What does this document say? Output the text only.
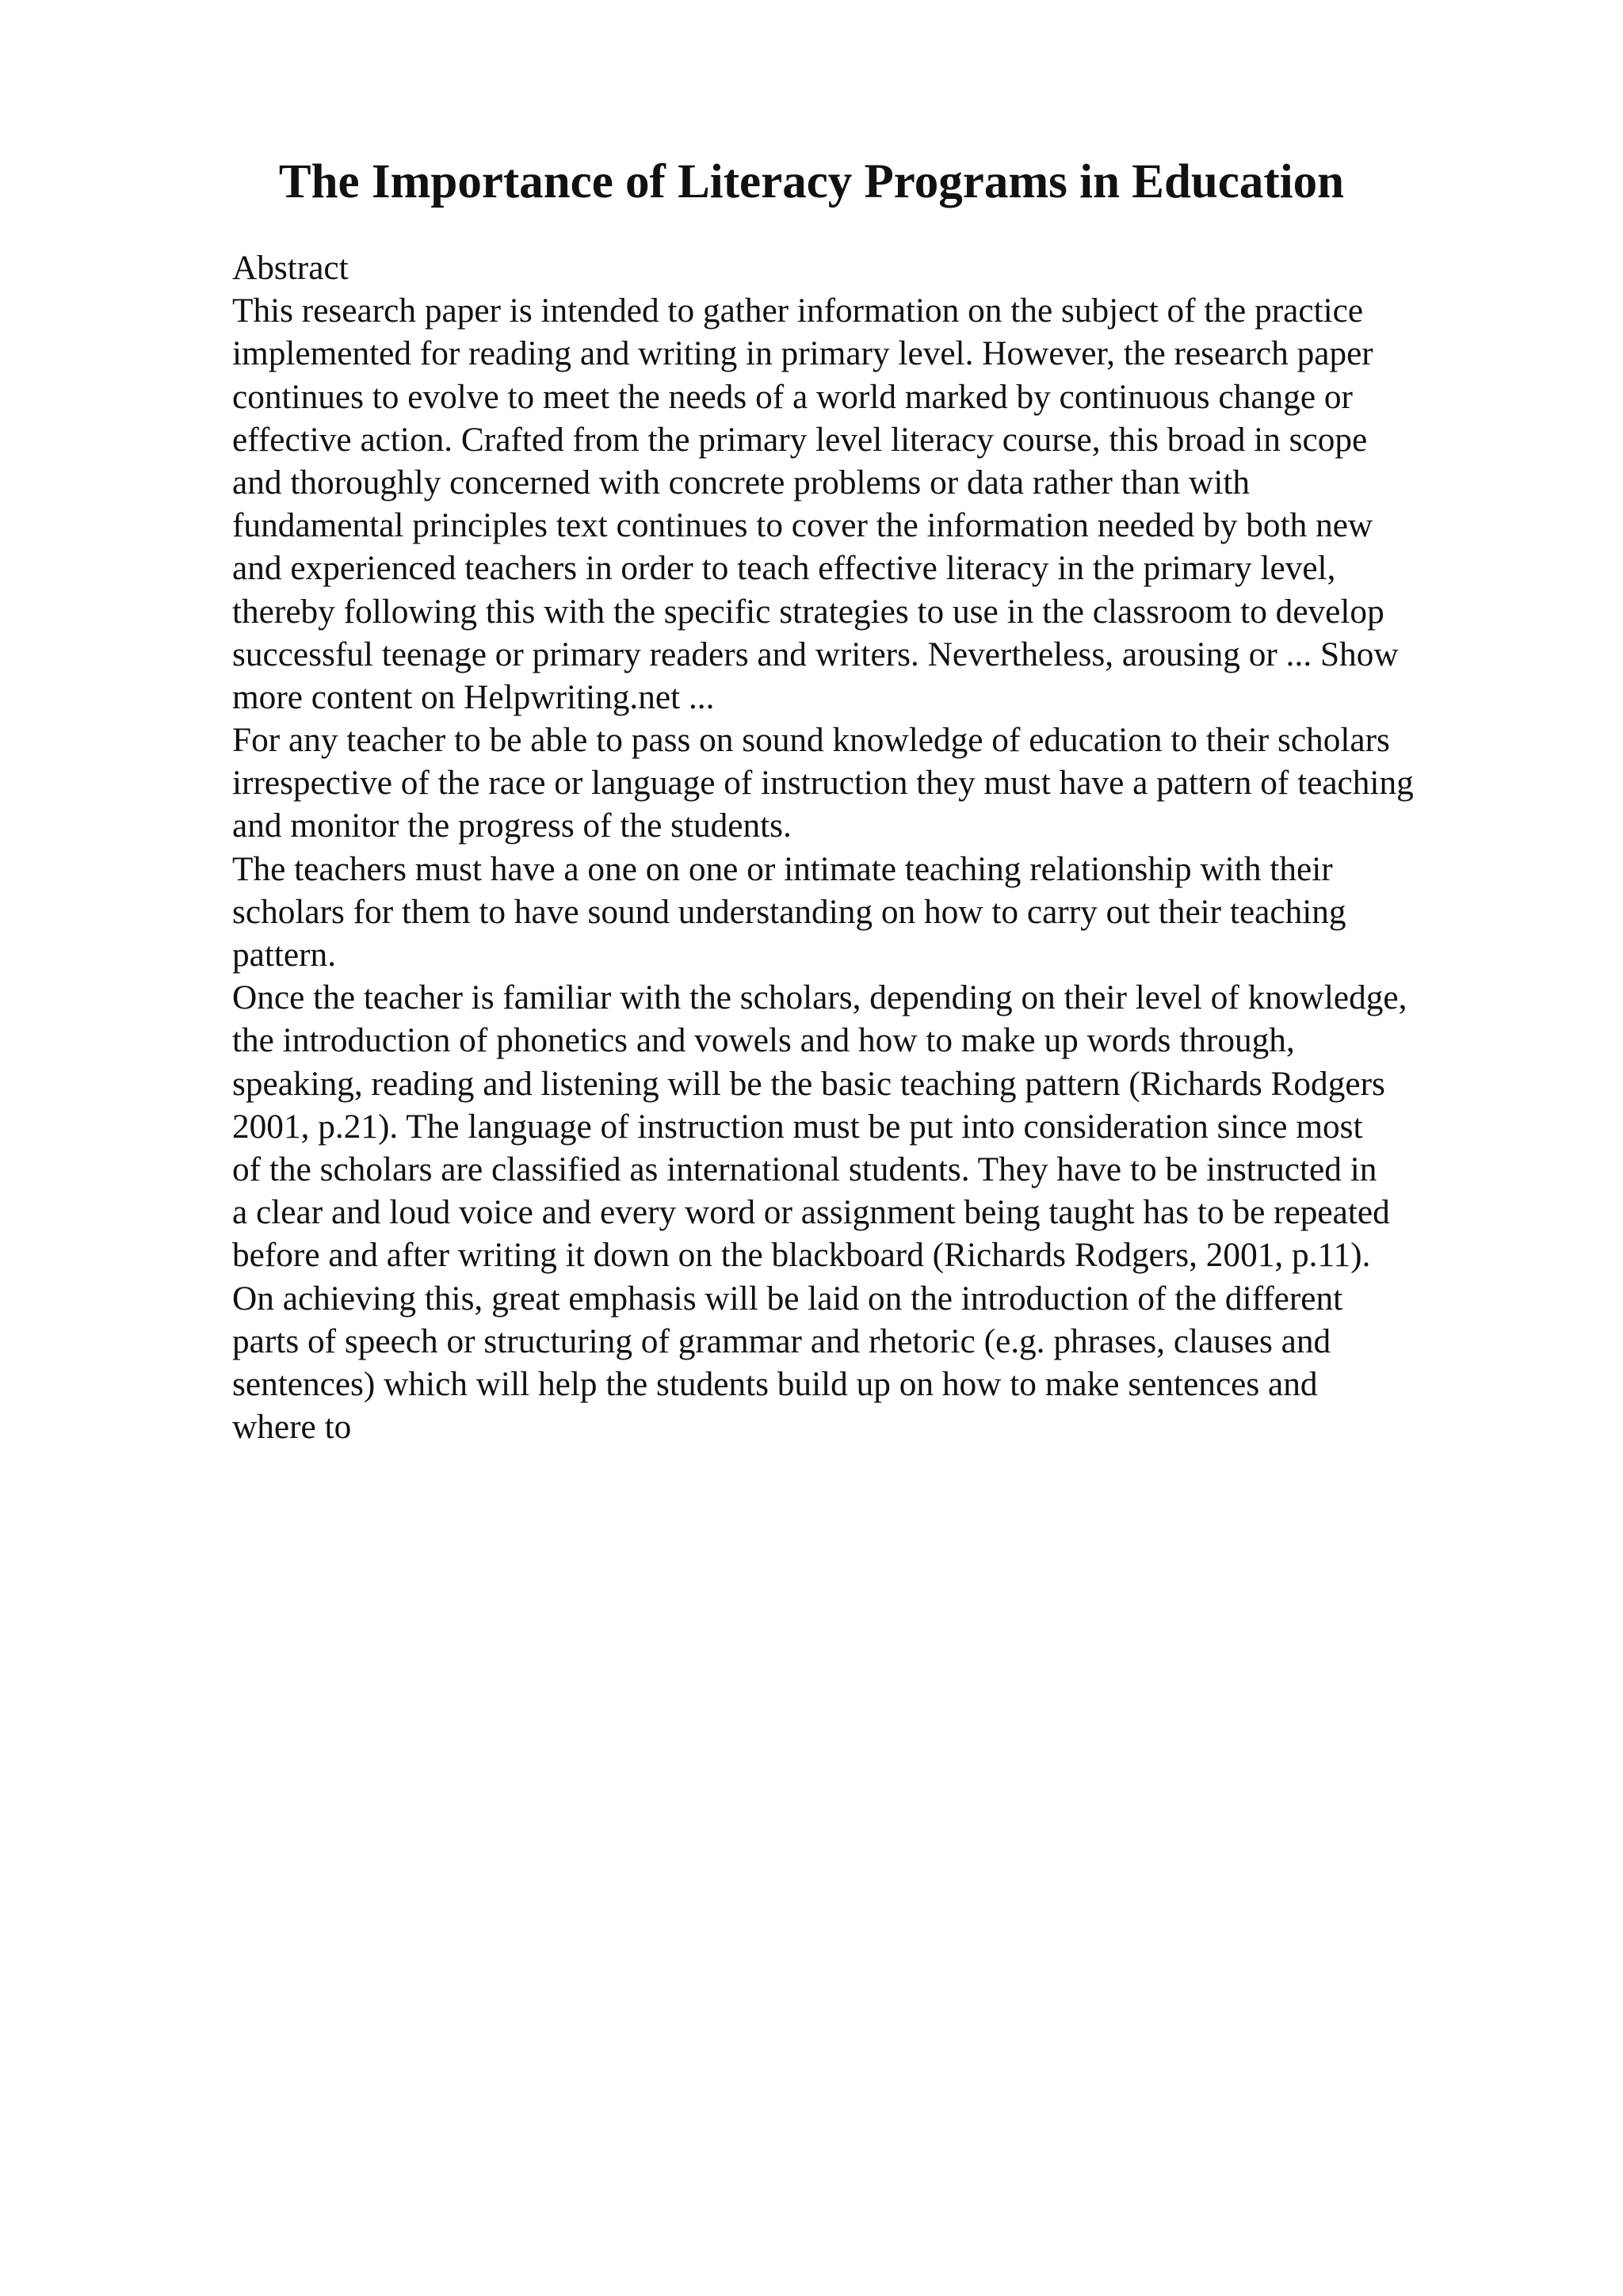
The Importance of Literacy Programs in Education
Abstract
This research paper is intended to gather information on the subject of the practice
implemented for reading and writing in primary level. However, the research paper
continues to evolve to meet the needs of a world marked by continuous change or
effective action. Crafted from the primary level literacy course, this broad in scope
and thoroughly concerned with concrete problems or data rather than with
fundamental principles text continues to cover the information needed by both new
and experienced teachers in order to teach effective literacy in the primary level,
thereby following this with the specific strategies to use in the classroom to develop
successful teenage or primary readers and writers. Nevertheless, arousing or ... Show
more content on Helpwriting.net ...
For any teacher to be able to pass on sound knowledge of education to their scholars
irrespective of the race or language of instruction they must have a pattern of teaching
and monitor the progress of the students.
The teachers must have a one on one or intimate teaching relationship with their
scholars for them to have sound understanding on how to carry out their teaching
pattern.
Once the teacher is familiar with the scholars, depending on their level of knowledge,
the introduction of phonetics and vowels and how to make up words through,
speaking, reading and listening will be the basic teaching pattern (Richards Rodgers
2001, p.21). The language of instruction must be put into consideration since most
of the scholars are classified as international students. They have to be instructed in
a clear and loud voice and every word or assignment being taught has to be repeated
before and after writing it down on the blackboard (Richards Rodgers, 2001, p.11).
On achieving this, great emphasis will be laid on the introduction of the different
parts of speech or structuring of grammar and rhetoric (e.g. phrases, clauses and
sentences) which will help the students build up on how to make sentences and
where to
